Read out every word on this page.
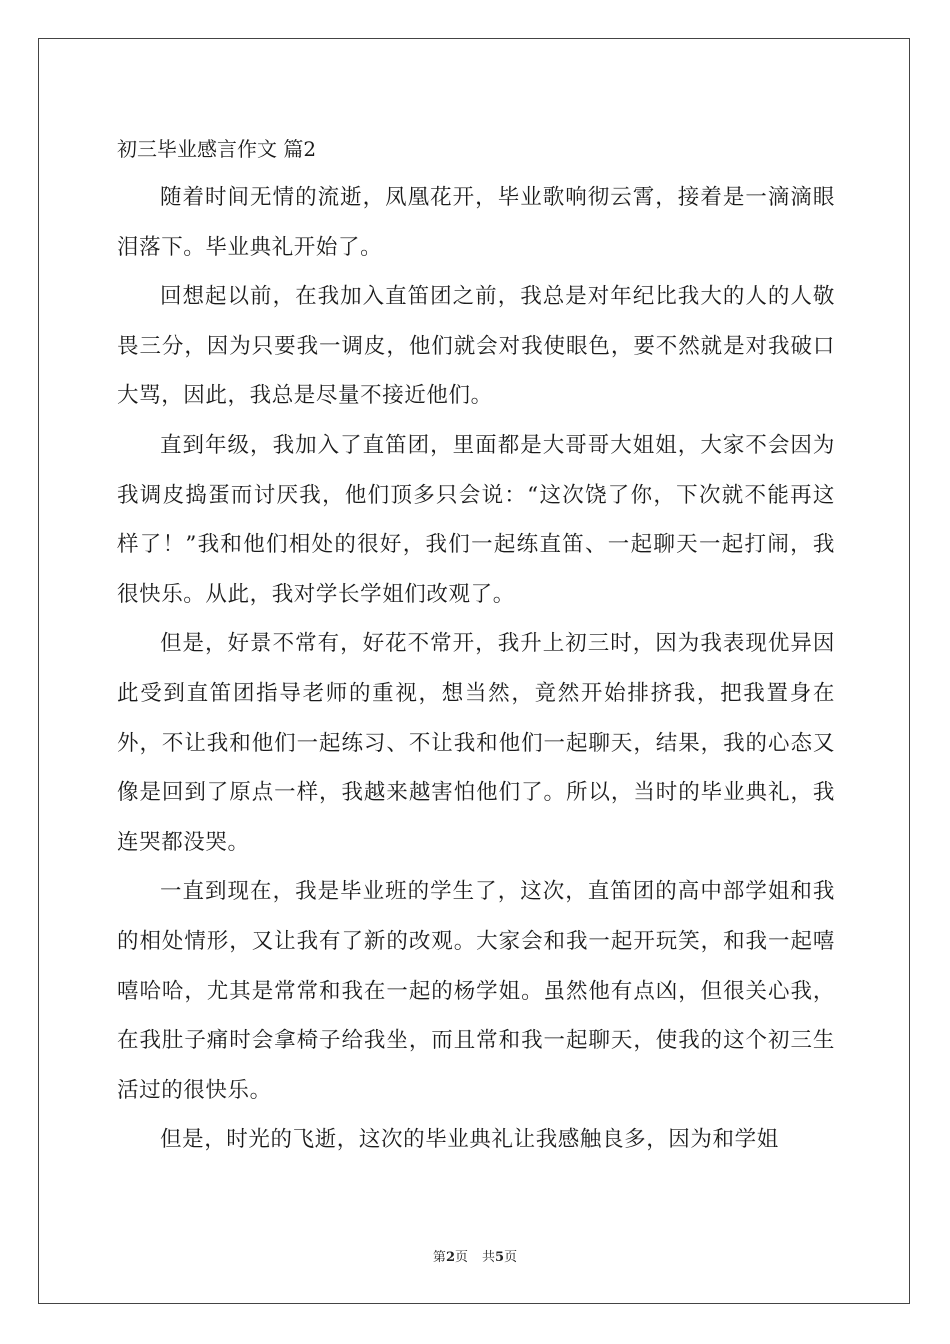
初三毕业感言作文 篇2

随着时间无情的流逝，凤凰花开，毕业歌响彻云霄，接着是一滴滴眼泪落下。毕业典礼开始了。

回想起以前，在我加入直笛团之前，我总是对年纪比我大的人的人敬畏三分，因为只要我一调皮，他们就会对我使眼色，要不然就是对我破口大骂，因此，我总是尽量不接近他们。

直到年级，我加入了直笛团，里面都是大哥哥大姐姐，大家不会因为我调皮捣蛋而讨厌我，他们顶多只会说：“这次饶了你，下次就不能再这样了！”我和他们相处的很好，我们一起练直笛、一起聊天一起打闹，我很快乐。从此，我对学长学姐们改观了。

但是，好景不常有，好花不常开，我升上初三时，因为我表现优异因此受到直笛团指导老师的重视，想当然，竟然开始排挤我，把我置身在外，不让我和他们一起练习、不让我和他们一起聊天，结果，我的心态又像是回到了原点一样，我越来越害怕他们了。所以，当时的毕业典礼，我连哭都没哭。

一直到现在，我是毕业班的学生了，这次，直笛团的高中部学姐和我的相处情形，又让我有了新的改观。大家会和我一起开玩笑，和我一起嘻嘻哈哈，尤其是常常和我在一起的杨学姐。虽然他有点凶，但很关心我，在我肚子痛时会拿椅子给我坐，而且常和我一起聊天，使我的这个初三生活过的很快乐。

但是，时光的飞逝，这次的毕业典礼让我感触良多，因为和学姐

第2页 共5页
